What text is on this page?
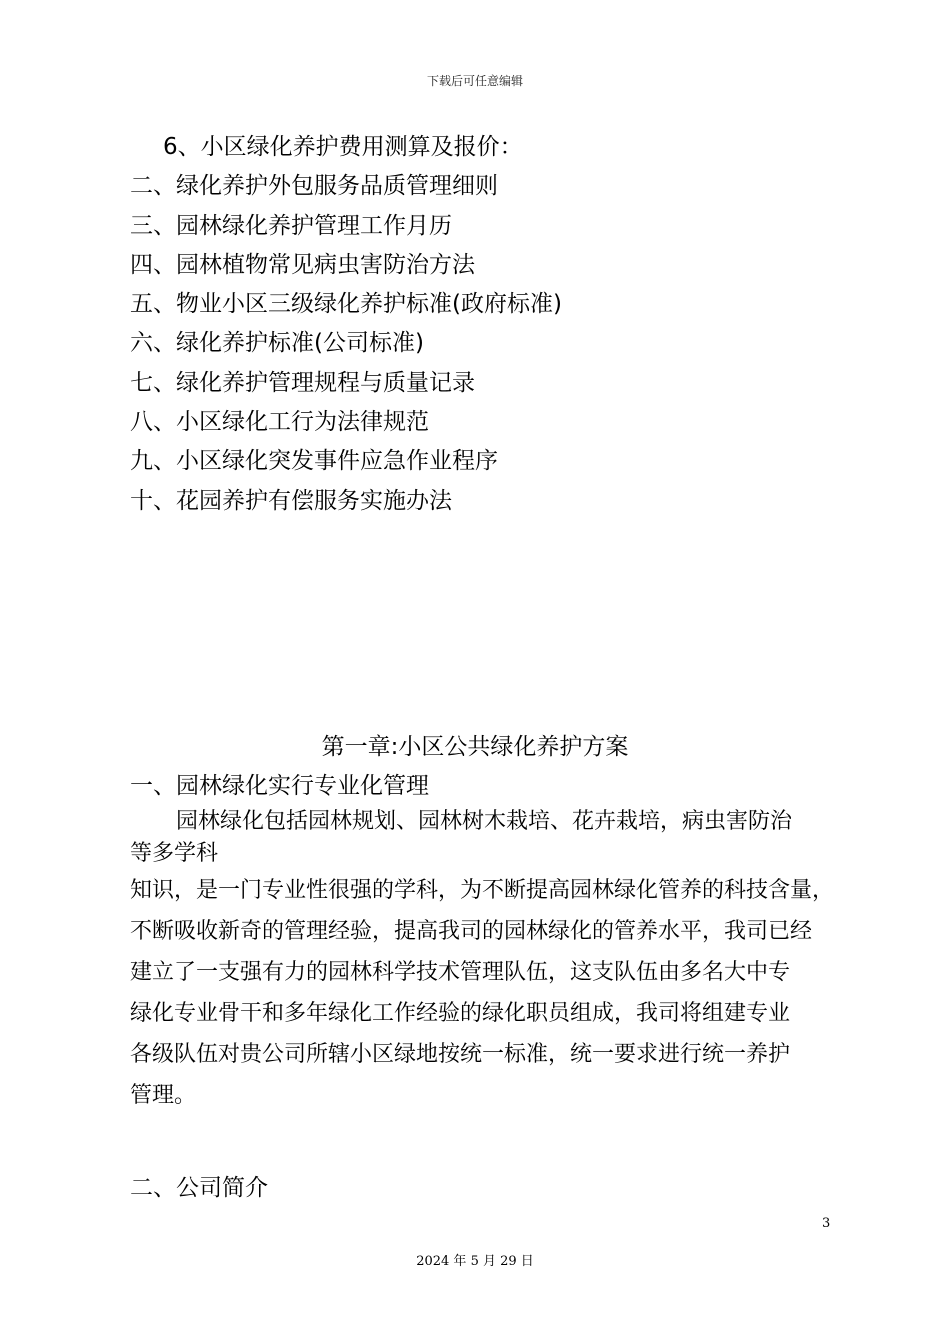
下载后可任意编辑
6、小区绿化养护费用测算及报价：
二、绿化养护外包服务品质管理细则
三、园林绿化养护管理工作月历
四、园林植物常见病虫害防治方法
五、物业小区三级绿化养护标准(政府标准)
六、绿化养护标准(公司标准)
七、绿化养护管理规程与质量记录
八、小区绿化工行为法律规范
九、小区绿化突发事件应急作业程序
十、花园养护有偿服务实施办法
第一章:小区公共绿化养护方案
一、园林绿化实行专业化管理
园林绿化包括园林规划、园林树木栽培、花卉栽培，病虫害防治
等多学科
知识，是一门专业性很强的学科，为不断提高园林绿化管养的科技含量，
不断吸收新奇的管理经验，提高我司的园林绿化的管养水平，我司已经
建立了一支强有力的园林科学技术管理队伍，这支队伍由多名大中专
绿化专业骨干和多年绿化工作经验的绿化职员组成，我司将组建专业
各级队伍对贵公司所辖小区绿地按统一标准，统一要求进行统一养护
管理。
二、公司简介
3
2024 年 5 月 29 日
